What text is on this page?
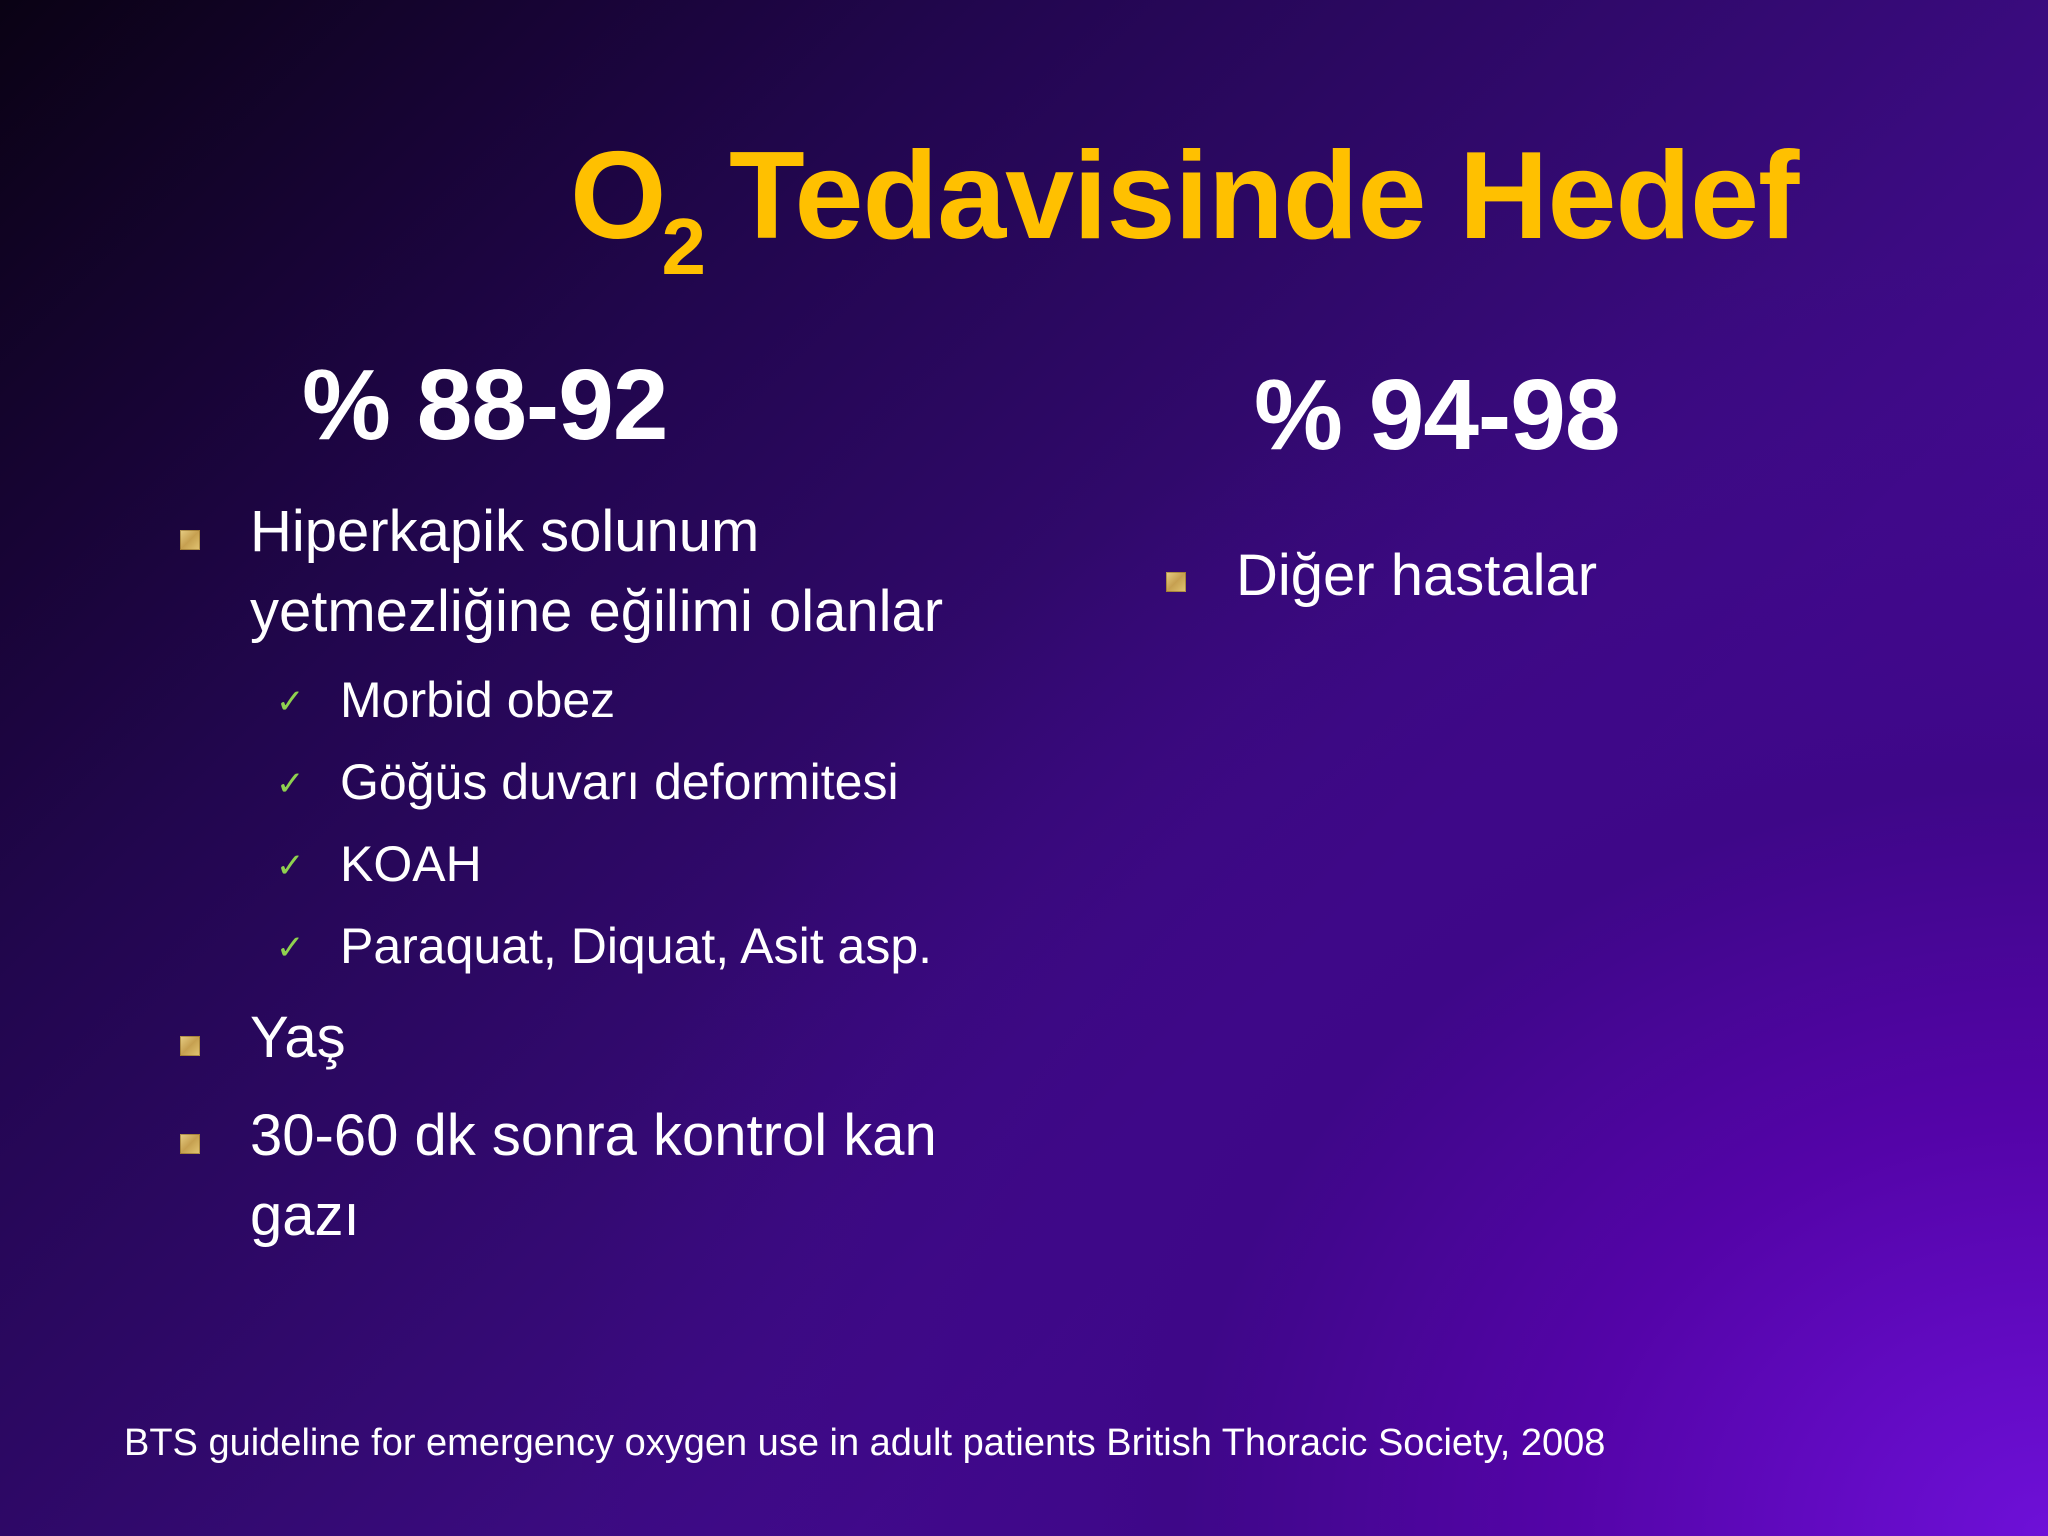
$O_2$ Tedavisinde Hedef
% 88-92	% 94-98
Hiperkapik solunum
yetmezliğine eğilimi olanlar
✓ Morbid obez
✓ Göğüs duvarı deformitesi
✓ KOAH
✓ Paraquat, Diquat, Asit asp.
Yaş
30-60 dk sonra kontrol kan
gazı
Diğer hastalar
BTS guideline for emergency oxygen use in adult patients British Thoracic Society, 2008
